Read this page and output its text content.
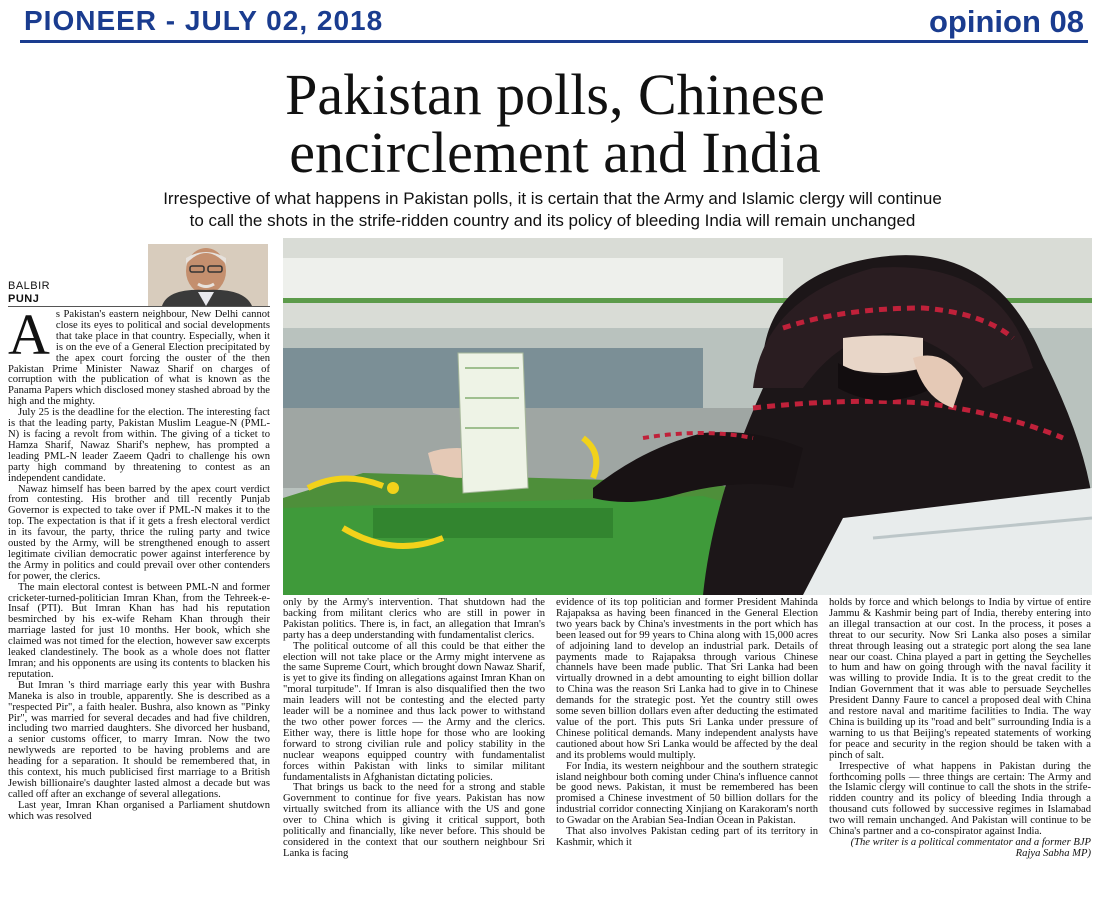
PIONEER - JULY 02, 2018	opinion 08
Pakistan polls, Chinese
encirclement and India
Irrespective of what happens in Pakistan polls, it is certain that the Army and Islamic clergy will continue
to call the shots in the strife-ridden country and its policy of bleeding India will remain unchanged
BALBIR
PUNJ
A s Pakistan's eastern neighbour, New Delhi cannot close its eyes to political and social developments that take place in that country. Especially, when it is on the eve of a General Election precipitated by the apex court forcing the ouster of the then Pakistan Prime Minister Nawaz Sharif on charges of corruption with the publication of what is known as the Panama Papers which disclosed money stashed abroad by the high and the mighty.

July 25 is the deadline for the election. The interesting fact is that the leading party, Pakistan Muslim League-N (PML-N) is facing a revolt from within. The giving of a ticket to Hamza Sharif, Nawaz Sharif's nephew, has prompted a leading PML-N leader Zaeem Qadri to challenge his own party high command by threatening to contest as an independent candidate.

Nawaz himself has been barred by the apex court verdict from contesting. His brother and till recently Punjab Governor is expected to take over if PML-N makes it to the top. The expectation is that if it gets a fresh electoral verdict in its favour, the party, thrice the ruling party and twice ousted by the Army, will be strengthened enough to assert legitimate civilian democratic power against interference by the Army in politics and could prevail over other contenders for power, the clerics.

The main electoral contest is between PML-N and former cricketer-turned-politician Imran Khan, from the Tehreek-e-Insaf (PTI). But Imran Khan has had his reputation besmirched by his ex-wife Reham Khan through their marriage lasted for just 10 months. Her book, which she claimed was not timed for the election, however saw excerpts leaked clandestinely. The book as a whole does not flatter Imran; and his opponents are using its contents to blacken his reputation.

But Imran 's third marriage early this year with Bushra Maneka is also in trouble, apparently. She is described as a "respected Pir", a faith healer. Bushra, also known as "Pinky Pir", was married for several decades and had five children, including two married daughters. She divorced her husband, a senior customs officer, to marry Imran. Now the two newlyweds are reported to be having problems and are heading for a separation. It should be remembered that, in this context, his much publicised first marriage to a British Jewish billionaire's daughter lasted almost a decade but was called off after an exchange of several allegations.

Last year, Imran Khan organised a Parliament shutdown which was resolved

only by the Army's intervention. That shutdown had the backing from militant clerics who are still in power in Pakistan politics. There is, in fact, an allegation that Imran's party has a deep understanding with fundamentalist clerics.

The political outcome of all this could be that either the election will not take place or the Army might intervene as the same Supreme Court, which brought down Nawaz Sharif, is yet to give its finding on allegations against Imran Khan on "moral turpitude". If Imran is also disqualified then the two main leaders will not be contesting and the elected party leader will be a nominee and thus lack power to withstand the two other power forces — the Army and the clerics. Either way, there is little hope for those who are looking forward to strong civilian rule and policy stability in the nuclear weapons equipped country with fundamentalist forces within Pakistan with links to similar militant fundamentalists in Afghanistan dictating policies.

That brings us back to the need for a strong and stable Government to continue for five years. Pakistan has now virtually switched from its alliance with the US and gone over to China which is giving it critical support, both politically and financially, like never before. This should be considered in the context that our southern neighbour Sri Lanka is facing

evidence of its top politician and former President Mahinda Rajapaksa as having been financed in the General Election two years back by China's investments in the port which has been leased out for 99 years to China along with 15,000 acres of adjoining land to develop an industrial park. Details of payments made to Rajapaksa through various Chinese channels have been made public. That Sri Lanka had been virtually drowned in a debt amounting to eight billion dollar to China was the reason Sri Lanka had to give in to Chinese demands for the strategic post. Yet the country still owes some seven billion dollars even after deducting the estimated value of the port. This puts Sri Lanka under pressure of Chinese political demands. Many independent analysts have cautioned about how Sri Lanka would be affected by the deal and its problems would multiply.

For India, its western neighbour and the southern strategic island neighbour both coming under China's influence cannot be good news. Pakistan, it must be remembered has been promised a Chinese investment of 50 billion dollars for the industrial corridor connecting Xinjiang on Karakoram's north to Gwadar on the Arabian Sea-Indian Ocean in Pakistan.

That also involves Pakistan ceding part of its territory in Kashmir, which it

holds by force and which belongs to India by virtue of entire Jammu & Kashmir being part of India, thereby entering into an illegal transaction at our cost. In the process, it poses a threat to our security. Now Sri Lanka also poses a similar threat through leasing out a strategic port along the sea lane near our coast. China played a part in getting the Seychelles to hum and haw on going through with the naval facility it was willing to provide India. It is to the great credit to the Indian Government that it was able to persuade Seychelles President Danny Faure to cancel a proposed deal with China and restore naval and maritime facilities to India. The way China is building up its "road and belt" surrounding India is a warning to us that Beijing's repeated statements of working for peace and security in the region should be taken with a pinch of salt.

Irrespective of what happens in Pakistan during the forthcoming polls — three things are certain: The Army and the Islamic clergy will continue to call the shots in the strife-ridden country and its policy of bleeding India through a thousand cuts followed by successive regimes in Islamabad two will remain unchanged. And Pakistan will continue to be China's partner and a co-conspirator against India.

(The writer is a political commentator and a former BJP Rajya Sabha MP)
